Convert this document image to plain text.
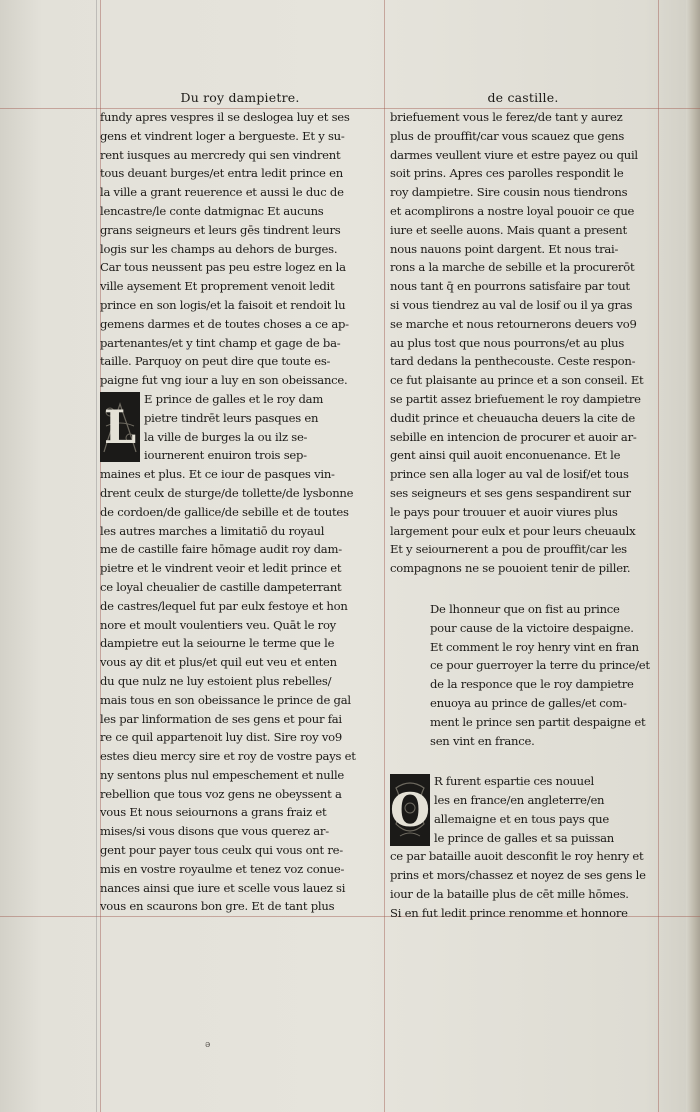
Du roy dampietre.
fundy apres vespres il se deslogea luy et ses
gens et vindrent loger a bergueste. Et y su-
rent iusques au mercredy qui sen vindrent
tous deuant burges/et entra ledit prince en
la ville a grant reuerence et aussi le duc de
lencastre/le conte datmignac Et aucuns
grans seigneurs et leurs gēs tindrent leurs
logis sur les champs au dehors de burges.
Car tous neussent pas peu estre logez en la
ville aysement Et proprement venoit ledit
prince en son logis/et la faisoit et rendoit lu
gemens darmes et de toutes choses a ce ap-
partenantes/et y tint champ et gage de ba-
taille. Parquoy on peut dire que toute es-
paigne fut vng iour a luy en son obeissance.
L
E prince de galles et le roy dam
pietre tindrēt leurs pasques en
la ville de burges la ou ilz se-
iournerent enuiron trois sep-
maines et plus. Et ce iour de pasques vin-
drent ceulx de sturge/de tollette/de lysbonne
de cordoen/de gallice/de sebille et de toutes
les autres marches a limitatiō du royaul
me de castille faire hōmage audit roy dam-
pietre et le vindrent veoir et ledit prince et
ce loyal cheualier de castille dampeterrant
de castres/lequel fut par eulx festoye et hon
nore et moult voulentiers veu. Quāt le roy
dampietre eut la seiourne le terme que le
vous ay dit et plus/et quil eut veu et enten
du que nulz ne luy estoient plus rebelles/
mais tous en son obeissance le prince de gal
les par linformation de ses gens et pour fai
re ce quil appartenoit luy dist. Sire roy vo9
estes dieu mercy sire et roy de vostre pays et
ny sentons plus nul empeschement et nulle
rebellion que tous voz gens ne obeyssent a
vous Et nous seiournons a grans fraiz et
mises/si vous disons que vous querez ar-
gent pour payer tous ceulx qui vous ont re-
mis en vostre royaulme et tenez voz conue-
nances ainsi que iure et scelle vous lauez si
vous en scaurons bon gre. Et de tant plus
de castille.
briefuement vous le ferez/de tant y aurez
plus de prouffit/car vous scauez que gens
darmes veullent viure et estre payez ou quil
soit prins. Apres ces parolles respondit le
roy dampietre. Sire cousin nous tiendrons
et acomplirons a nostre loyal pouoir ce que
iure et seelle auons. Mais quant a present
nous nauons point dargent. Et nous trai-
rons a la marche de sebille et la procurerōt
nous tant q̄ en pourrons satisfaire par tout
si vous tiendrez au val de losif ou il ya gras
se marche et nous retournerons deuers vo9
au plus tost que nous pourrons/et au plus
tard dedans la penthecouste. Ceste respon-
ce fut plaisante au prince et a son conseil. Et
se partit assez briefuement le roy dampietre
dudit prince et cheuaucha deuers la cite de
sebille en intencion de procurer et auoir ar-
gent ainsi quil auoit enconuenance. Et le
prince sen alla loger au val de losif/et tous
ses seigneurs et ses gens sespandirent sur
le pays pour trouuer et auoir viures plus
largement pour eulx et pour leurs cheuaulx
Et y seiournerent a pou de prouffit/car les
compagnons ne se pouoient tenir de piller.
De lhonneur que on fist au prince
pour cause de la victoire despaigne.
Et comment le roy henry vint en fran
ce pour guerroyer la terre du prince/et
de la responce que le roy dampietre
enuoya au prince de galles/et com-
ment le prince sen partit despaigne et
sen vint en france.
O
R furent espartie ces nouuel
les en france/en angleterre/en
allemaigne et en tous pays que
le prince de galles et sa puissan
ce par bataille auoit desconfit le roy henry et
prins et mors/chassez et noyez de ses gens le
iour de la bataille plus de cēt mille hōmes.
Si en fut ledit prince renomme et honnore
ǝ
